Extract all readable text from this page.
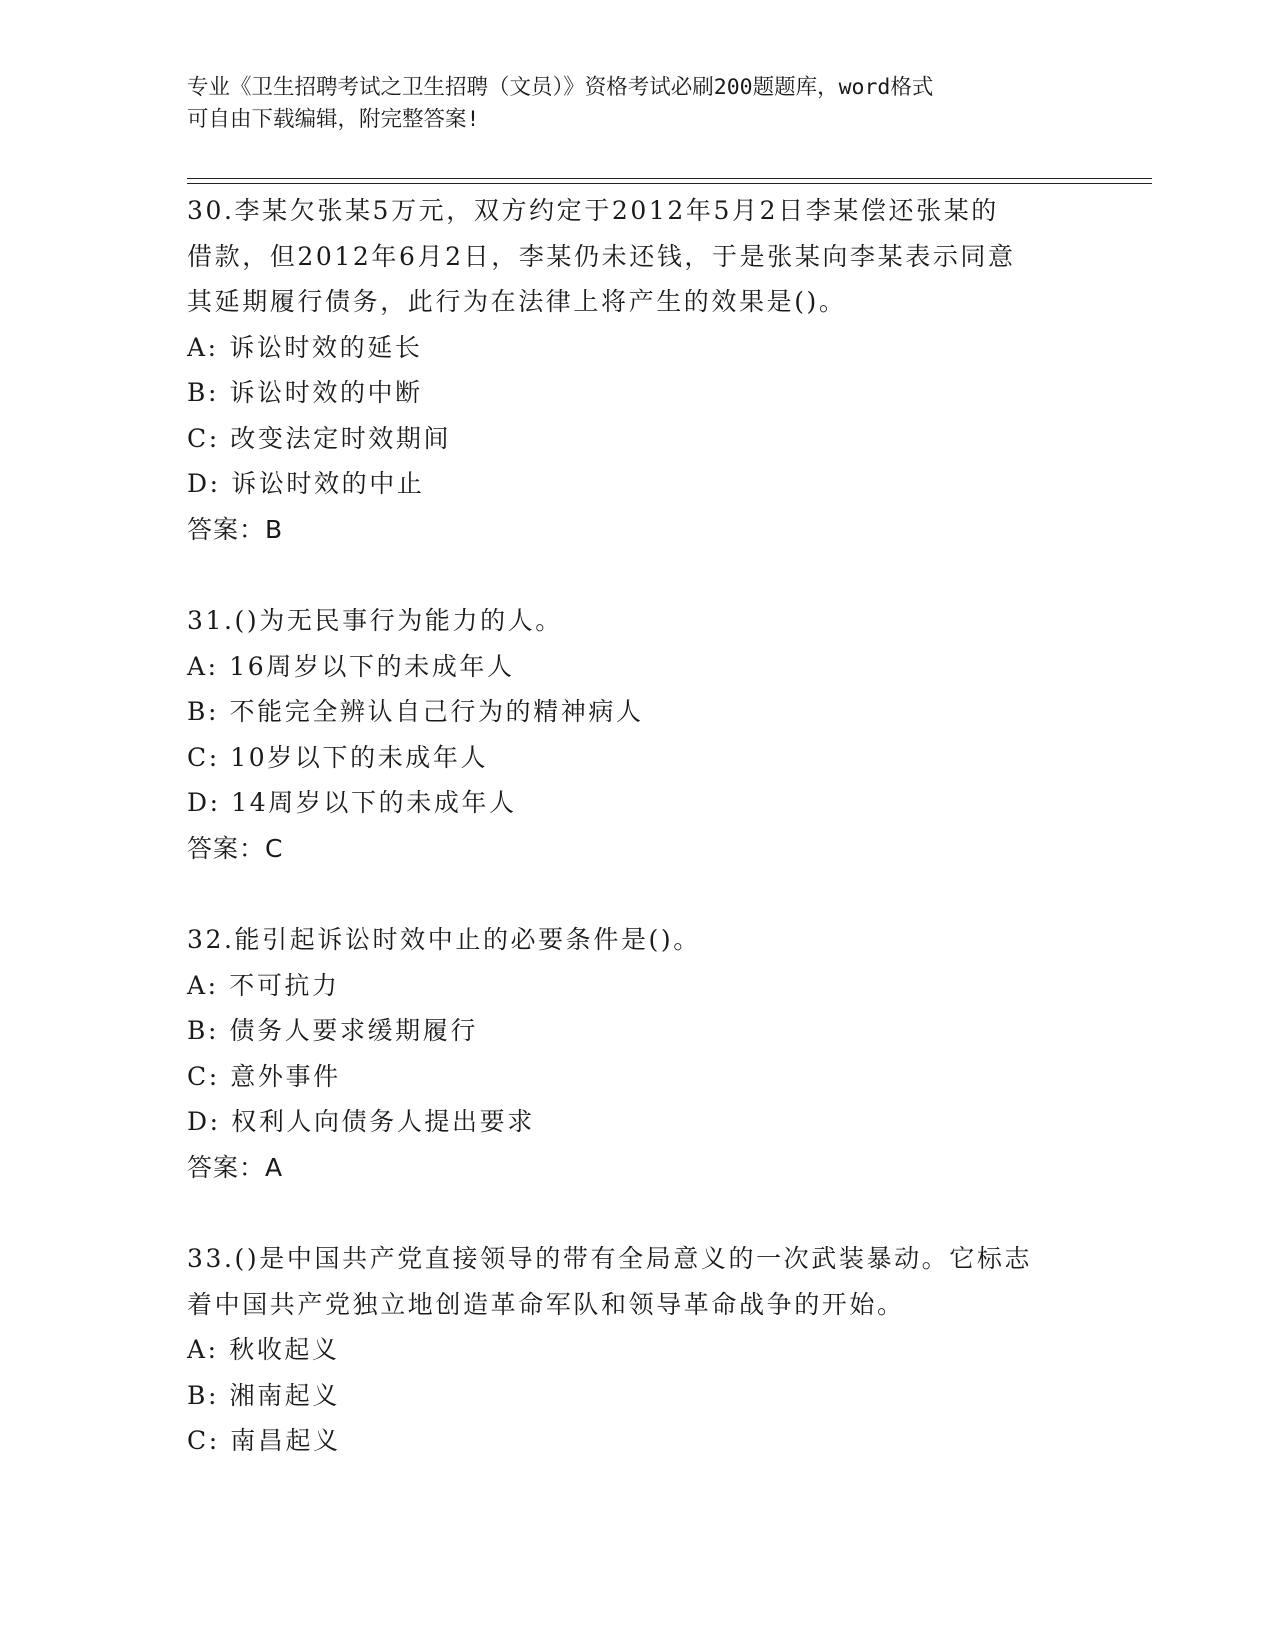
专业《卫生招聘考试之卫生招聘（文员）》资格考试必刷200题题库，word格式
可自由下载编辑，附完整答案!
30.李某欠张某5万元，双方约定于2012年5月2日李某偿还张某的
借款，但2012年6月2日，李某仍未还钱，于是张某向李某表示同意
其延期履行债务，此行为在法律上将产生的效果是()。
A: 诉讼时效的延长
B: 诉讼时效的中断
C: 改变法定时效期间
D: 诉讼时效的中止
答案：B
31.()为无民事行为能力的人。
A: 16周岁以下的未成年人
B: 不能完全辨认自己行为的精神病人
C: 10岁以下的未成年人
D: 14周岁以下的未成年人
答案：C
32.能引起诉讼时效中止的必要条件是()。
A: 不可抗力
B: 债务人要求缓期履行
C: 意外事件
D: 权利人向债务人提出要求
答案：A
33.()是中国共产党直接领导的带有全局意义的一次武装暴动。它标志
着中国共产党独立地创造革命军队和领导革命战争的开始。
A: 秋收起义
B: 湘南起义
C: 南昌起义
